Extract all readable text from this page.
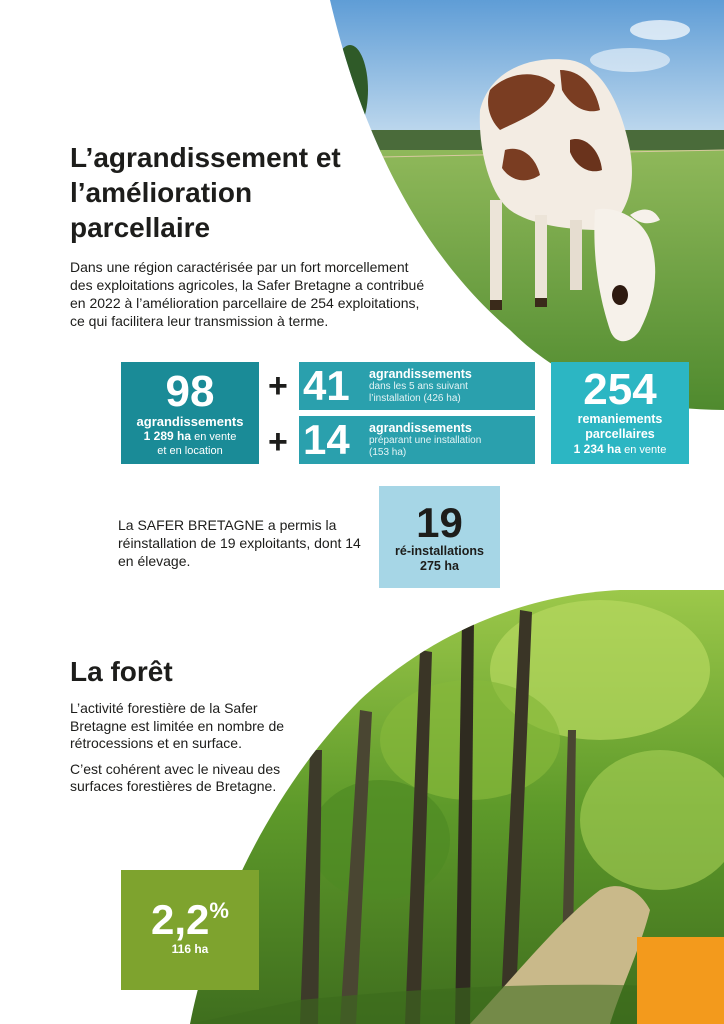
L’agrandissement et l’amélioration parcellaire

Dans une région caractérisée par un fort morcellement des exploitations agricoles, la Safer Bretagne a contribué en 2022 à l’amélioration parcellaire de 254 exploitations, ce qui facilitera leur transmission à terme.

98
agrandissements
1 289 ha en vente
et en location
+
+
41 agrandissements
dans les 5 ans suivant
l’installation (426 ha)
14 agrandissements
préparant une installation
(153 ha)
254
remaniements
parcellaires
1 234 ha en vente

La SAFER BRETAGNE a permis la réinstallation de 19 exploitants, dont 14 en élevage.

19
ré-installations
275 ha
La forêt

L’activité forestière de la Safer Bretagne est limitée en nombre de rétrocessions et en surface.

C’est cohérent avec le niveau des surfaces forestières de Bretagne.

2,2%
116 ha
